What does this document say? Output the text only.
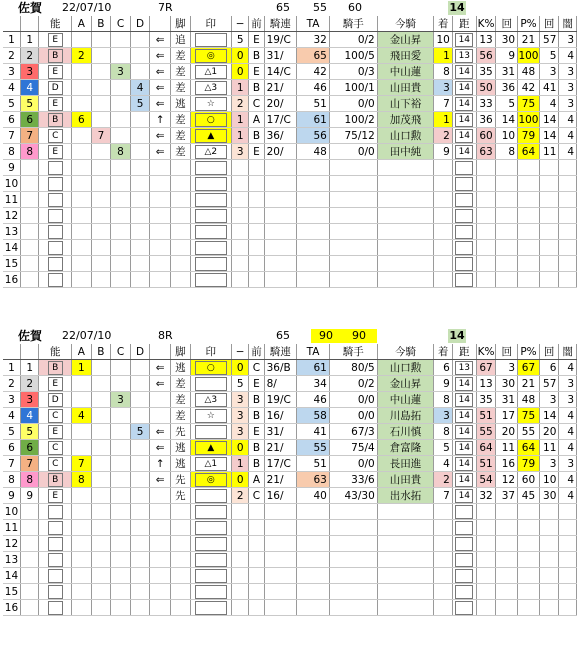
佐賀 22/07/10	7R	65 55	60	14
		能	A	B	C	D		脚	印	−	前	騎連	TA	騎手	今騎	着	距	K%	回	P%	回	闇
1	1	E					⇐	追		5	E	19/C	32	0/2	金山昇	10	14	13	30	21	57	3
2	2	B	2				⇐	差	◎	0	B	31/	65	100/5	飛田愛	1	13	56	9	100	5	4
3	3	E			3		⇐	差	△1	0	E	14/C	42	0/3	中山蓮	8	14	35	31	48	3	3
4	4	D				4	⇐	差	△3	1	B	21/	46	100/1	山田貴	3	14	50	36	42	41	3
5	5	E				5	⇐	逃	☆	2	C	20/	51	0/0	山下裕	7	14	33	5	75	4	3
6	6	B	6				↑	差	○	1	A	17/C	61	100/2	加茂飛	1	14	36	14	100	14	4
7	7	C		7			⇐	差	▲	1	B	36/	56	75/12	山口勲	2	14	60	10	79	14	4
8	8	E			8		⇐	差	△2	3	E	20/	48	0/0	田中純	9	14	63	8	64	11	4
9																						
10																						
11																						
12																						
13																						
14																						
15																						
16																						
佐賀 22/07/10	8R	65	90	90	14
		能	A	B	C	D		脚	印	−	前	騎連	TA	騎手	今騎	着	距	K%	回	P%	回	闇
1	1	B	1				⇐	逃	○	0	C	36/B	61	80/5	山口勲	6	13	67	3	67	6	4
2	2	E					⇐	差		5	E	8/	34	0/2	金山昇	9	14	13	30	21	57	3
3	3	D			3			差	△3	3	B	19/C	46	0/0	中山蓮	8	14	35	31	48	3	3
4	4	C	4					差	☆	3	B	16/	58	0/0	川島拓	3	14	51	17	75	14	4
5	5	E				5	⇐	先		3	E	31/	41	67/3	石川慎	8	14	55	20	55	20	4
6	6	C					⇐	逃	▲	0	B	21/	55	75/4	倉富隆	5	14	64	11	64	11	4
7	7	C	7				↑	逃	△1	1	B	17/C	51	0/0	長田進	4	14	51	16	79	3	3
8	8	B	8				⇐	先	◎	0	A	21/	63	33/6	山田貴	2	14	54	12	60	10	4
9	9	E						先		2	C	16/	40	43/30	出水拓	7	14	32	37	45	30	4
10																						
11																						
12																						
13																						
14																						
15																						
16																						
